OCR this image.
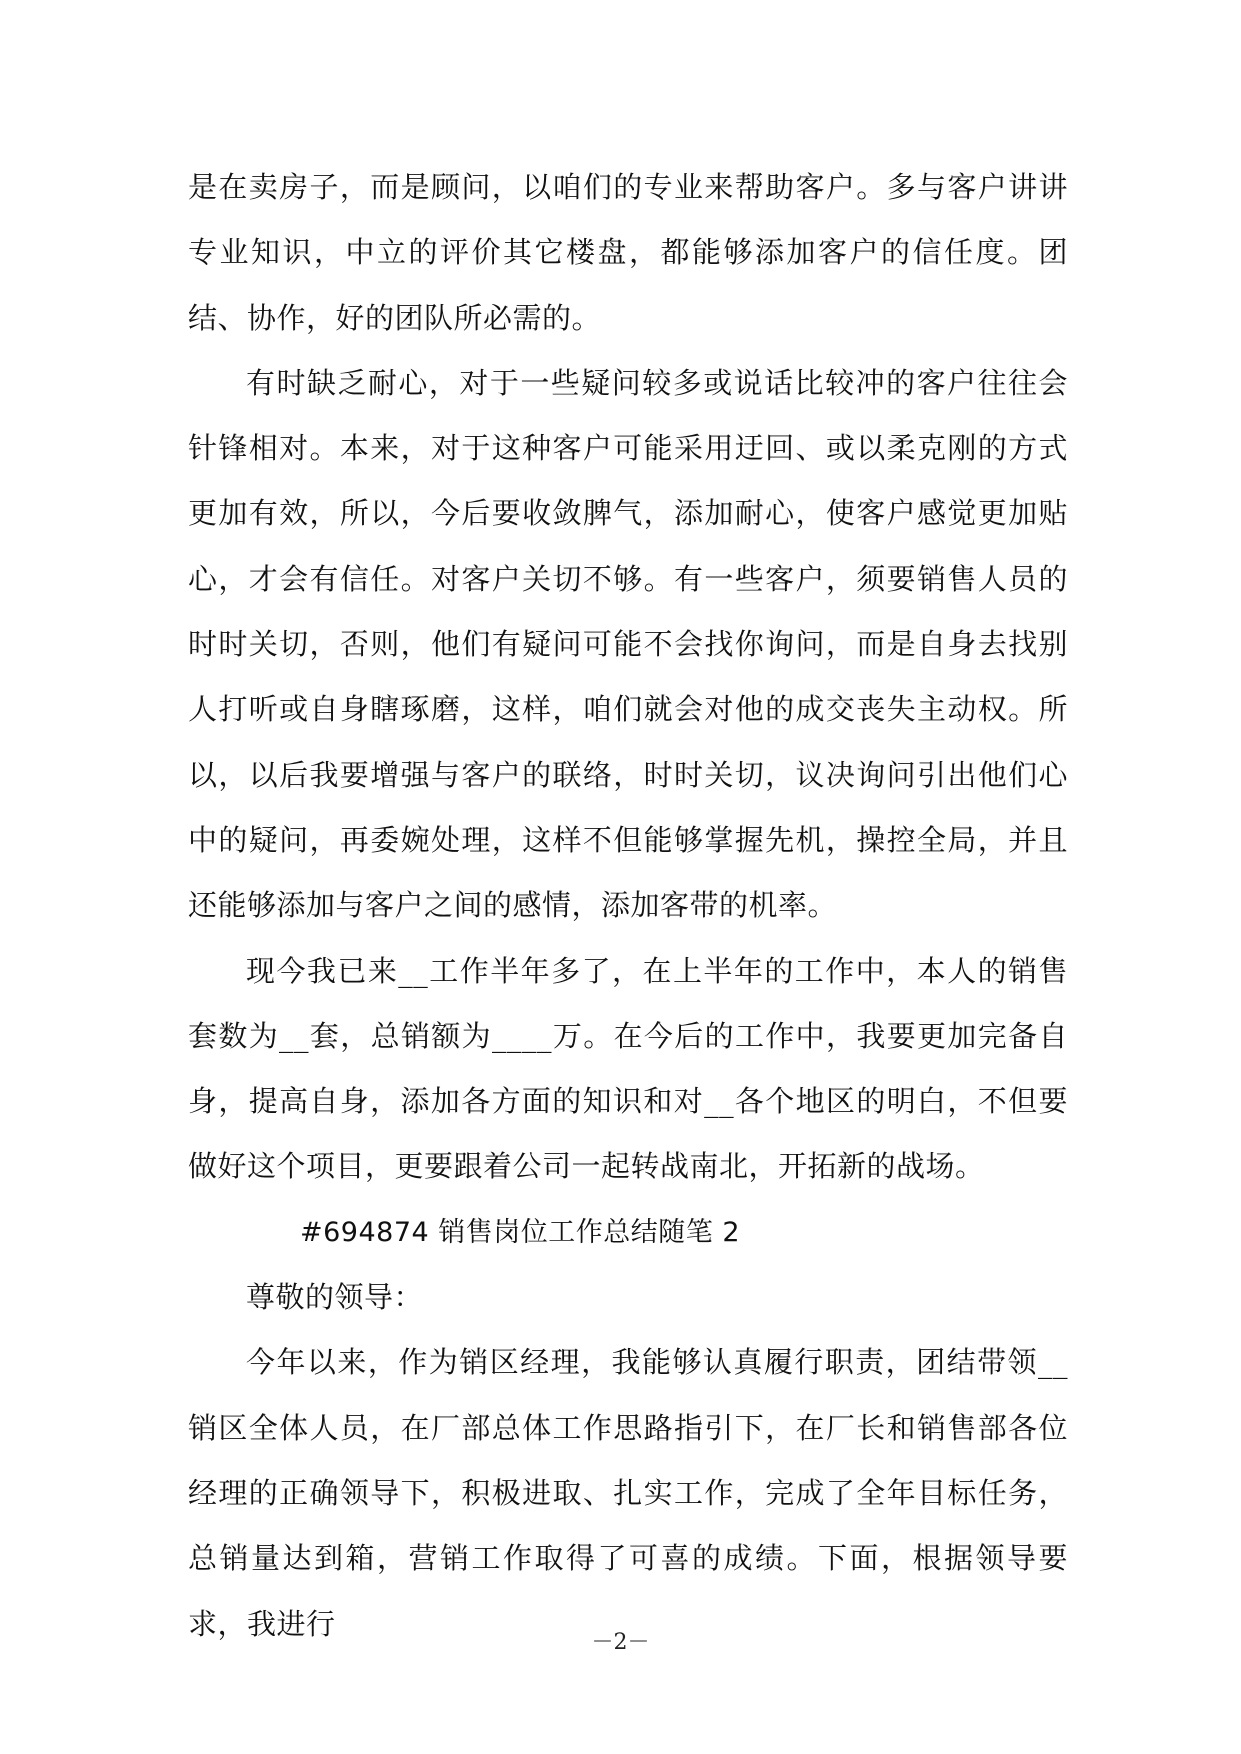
是在卖房子，而是顾问，以咱们的专业来帮助客户。多与客户讲讲专业知识，中立的评价其它楼盘，都能够添加客户的信任度。团结、协作，好的团队所必需的。

有时缺乏耐心，对于一些疑问较多或说话比较冲的客户往往会针锋相对。本来，对于这种客户可能采用迂回、或以柔克刚的方式更加有效，所以，今后要收敛脾气，添加耐心，使客户感觉更加贴心，才会有信任。对客户关切不够。有一些客户，须要销售人员的时时关切，否则，他们有疑问可能不会找你询问，而是自身去找别人打听或自身瞎琢磨，这样，咱们就会对他的成交丧失主动权。所以，以后我要增强与客户的联络，时时关切，议决询问引出他们心中的疑问，再委婉处理，这样不但能够掌握先机，操控全局，并且还能够添加与客户之间的感情，添加客带的机率。

现今我已来__工作半年多了，在上半年的工作中，本人的销售套数为__套，总销额为____万。在今后的工作中，我要更加完备自身，提高自身，添加各方面的知识和对__各个地区的明白，不但要做好这个项目，更要跟着公司一起转战南北，开拓新的战场。

#694874 销售岗位工作总结随笔 2

尊敬的领导：

今年以来，作为销区经理，我能够认真履行职责，团结带领__销区全体人员，在厂部总体工作思路指引下，在厂长和销售部各位经理的正确领导下，积极进取、扎实工作，完成了全年目标任务，总销量达到箱，营销工作取得了可喜的成绩。下面，根据领导要求，我进行

－2－
